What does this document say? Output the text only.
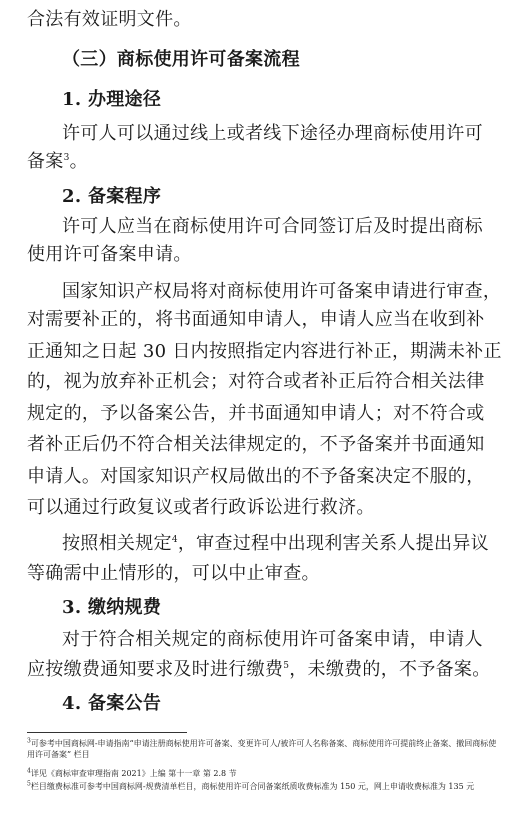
合法有效证明文件。
（三）商标使用许可备案流程
1. 办理途径
许可人可以通过线上或者线下途径办理商标使用许可
备案$^3$。
2. 备案程序
许可人应当在商标使用许可合同签订后及时提出商标
使用许可备案申请。
国家知识产权局将对商标使用许可备案申请进行审查，
对需要补正的，将书面通知申请人，申请人应当在收到补
正通知之日起 30 日内按照指定内容进行补正，期满未补正
的，视为放弃补正机会；对符合或者补正后符合相关法律
规定的，予以备案公告，并书面通知申请人；对不符合或
者补正后仍不符合相关法律规定的，不予备案并书面通知
申请人。对国家知识产权局做出的不予备案决定不服的，
可以通过行政复议或者行政诉讼进行救济。
按照相关规定$^4$，审查过程中出现利害关系人提出异议
等确需中止情形的，可以中止审查。
3. 缴纳规费
对于符合相关规定的商标使用许可备案申请，申请人
应按缴费通知要求及时进行缴费$^5$，未缴费的，不予备案。
4. 备案公告
$^3$可参考中国商标网-申请指南“申请注册商标使用许可备案、变更许可人/被许可人名称备案、商标使用许可提前终止备案、撤回商标使用许可备案” 栏目
$^4$详见《商标审查审理指南 2021》上编 第十一章 第 2.8 节
$^5$栏目缴费标准可参考中国商标网-规费清单栏目，商标使用许可合同备案纸质收费标准为 150 元，网上申请收费标准为 135 元
